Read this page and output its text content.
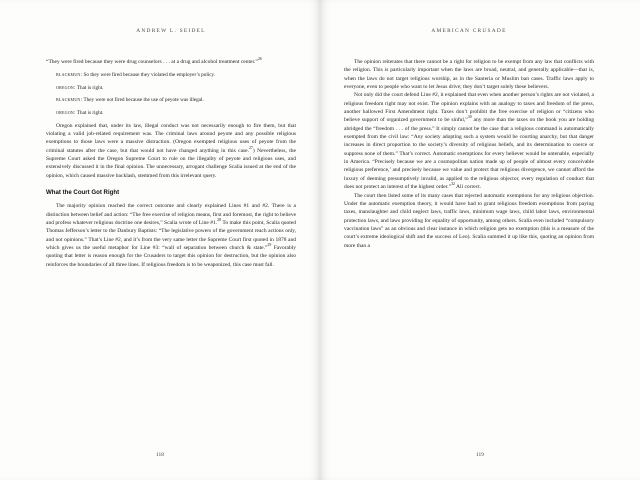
ANDREW L. SEIDEL

“They were fired because they were drug counselors . . . at a drug and alcohol treatment center.”$^{26}$

blackmun: So they were fired because they violated the employer’s policy.

oregon: That is right.

blackmun: They were not fired because the use of peyote was illegal.

oregon: That is right.

Oregon explained that, under its law, illegal conduct was not necessarily enough to fire them, but that violating a valid job-related requirement was. The criminal laws around peyote and any possible religious exemptions to those laws were a massive distraction. (Oregon exempted religious uses of peyote from the criminal statutes after the case, but that would not have changed anything in this case.$^{27}$) Nevertheless, the Supreme Court asked the Oregon Supreme Court to rule on the illegality of peyote and religious uses, and extensively discussed it in the final opinion. The unnecessary, arrogant challenge Scalia issued at the end of the opinion, which caused massive backlash, stemmed from this irrelevant query.

What the Court Got Right

The majority opinion reached the correct outcome and clearly explained Lines #1 and #2. There is a distinction between belief and action: “The free exercise of religion means, first and foremost, the right to believe and profess whatever religious doctrine one desires,” Scalia wrote of Line #1.28 To make this point, Scalia quoted Thomas Jefferson’s letter to the Danbury Baptists: “The legislative powers of the government reach actions only, and not opinions.” That’s Line #2, and it’s from the very same letter the Supreme Court first quoted in 1878 and which gives us the useful metaphor for Line #3: “wall of separation between church & state.”$^{29}$ Favorably quoting that letter is reason enough for the Crusaders to target this opinion for destruction, but the opinion also reinforces the boundaries of all three lines. If religious freedom is to be weaponized, this case must fall.

118
AMERICAN CRUSADE

The opinion reiterates that there cannot be a right for religion to be exempt from any law that conflicts with the religion. This is particularly important when the laws are broad, neutral, and generally applicable—that is, when the laws do not target religious worship, as in the Santeria or Muslim ban cases. Traffic laws apply to everyone, even to people who want to let Jesus drive; they don’t target solely these believers.

Not only did the court defend Line #2, it explained that even when another person’s rights are not violated, a religious freedom right may not exist. The opinion explains with an analogy to taxes and freedom of the press, another hallowed First Amendment right. Taxes don’t prohibit the free exercise of religion or “citizens who believe support of organized government to be sinful,”$^{30}$ any more than the taxes on the book you are holding abridged the “freedom . . . of the press.” It simply cannot be the case that a religious command is automatically exempted from the civil law: “Any society adopting such a system would be courting anarchy, but that danger increases in direct proportion to the society’s diversity of religious beliefs, and its determination to coerce or suppress none of them.” That’s correct. Automatic exemptions for every believer would be untenable, especially in America. “Precisely because we are a cosmopolitan nation made up of people of almost every conceivable religious preference,’ and precisely because we value and protect that religious divergence, we cannot afford the luxury of deeming presumptively invalid, as applied to the religious objector, every regulation of conduct that does not protect an interest of the highest order.”$^{32}$ All correct.

The court then listed some of its many cases that rejected automatic exemptions for any religious objection. Under the automatic exemption theory, it would have had to grant religious freedom exemptions from paying taxes, manslaughter and child neglect laws, traffic laws, minimum wage laws, child labor laws, environmental protection laws, and laws providing for equality of opportunity, among others. Scalia even included “compulsory vaccination laws” as an obvious and clear instance in which religion gets no exemption (this is a measure of the court’s extreme ideological shift and the success of Leo). Scalia summed it up like this, quoting an opinion from more than a

119
